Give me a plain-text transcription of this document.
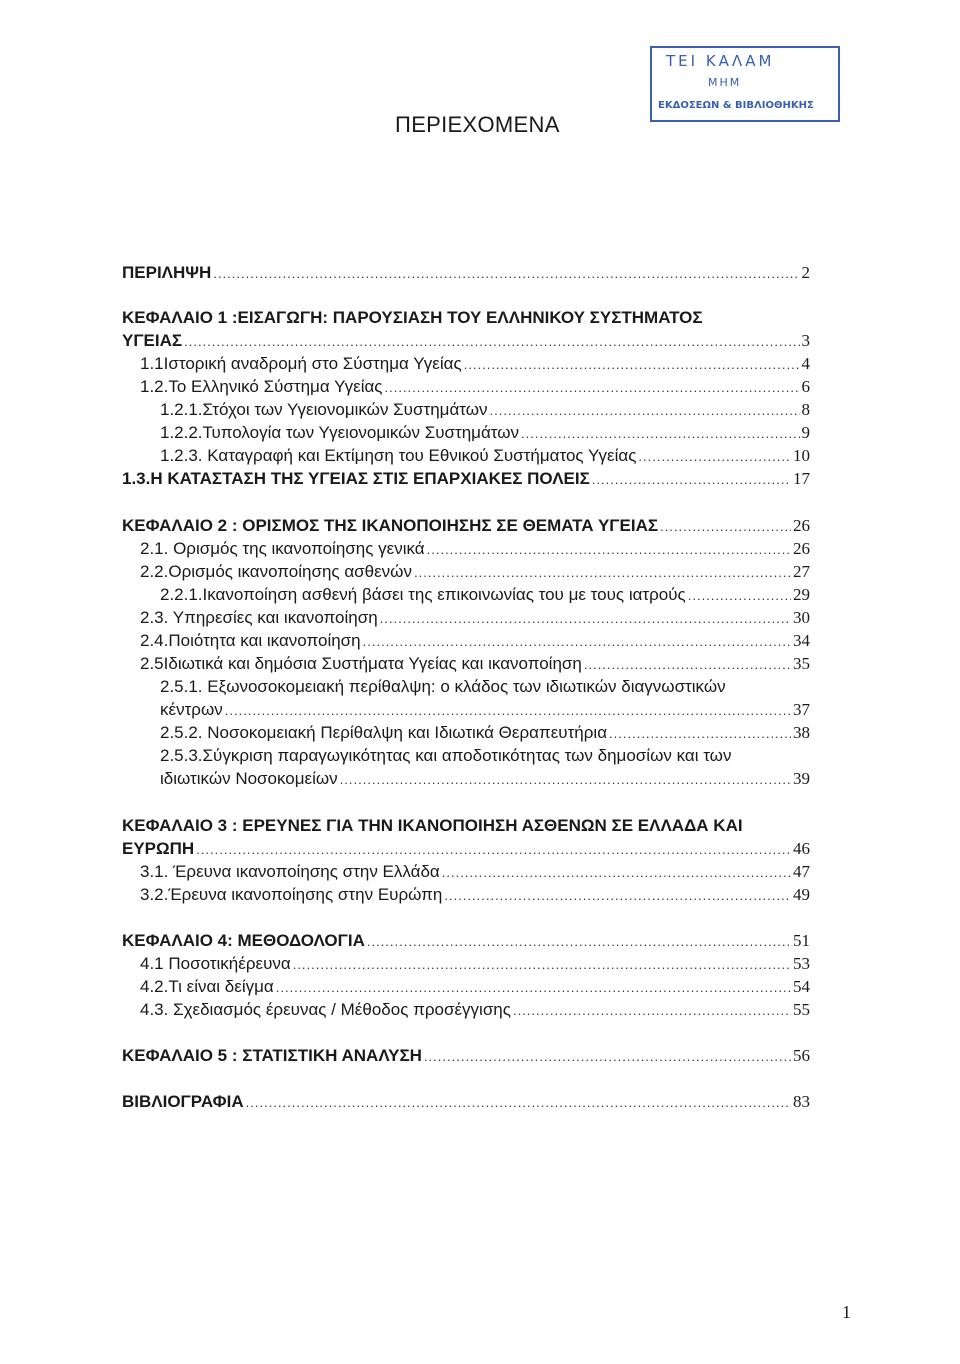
ΤΕΙ ΚΑΛΑΜ
ΜΗΜ
ΕΚΔΟΣΕΩΝ & ΒΙΒΛΙΟΘΗΚΗΣ
ΠΕΡΙΕΧΟΜΕΝΑ
ΠΕΡΙΛΗΨΗ .....	2
ΚΕΦΑΛΑΙΟ 1 :ΕΙΣΑΓΩΓΗ: ΠΑΡΟΥΣΙΑΣΗ ΤΟΥ ΕΛΛΗΝΙΚΟΥ ΣΥΣΤΗΜΑΤΟΣ
ΥΓΕΙΑΣ .....	3
1.1Ιστορική αναδρομή στο Σύστημα Υγείας .....	4
1.2.Το Ελληνικό Σύστημα Υγείας .....	6
1.2.1.Στόχοι των Υγειονομικών Συστημάτων .....	8
1.2.2.Τυπολογία των Υγειονομικών Συστημάτων .....	9
1.2.3. Καταγραφή και Εκτίμηση του Εθνικού Συστήματος Υγείας .....	10
1.3.Η ΚΑΤΑΣΤΑΣΗ ΤΗΣ ΥΓΕΙΑΣ ΣΤΙΣ ΕΠΑΡΧΙΑΚΕΣ ΠΟΛΕΙΣ .....	17
ΚΕΦΑΛΑΙΟ 2 : ΟΡΙΣΜΟΣ ΤΗΣ ΙΚΑΝΟΠΟΙΗΣΗΣ ΣΕ ΘΕΜΑΤΑ ΥΓΕΙΑΣ .....	26
2.1. Ορισμός της ικανοποίησης γενικά .....	26
2.2.Ορισμός ικανοποίησης ασθενών .....	27
2.2.1.Ικανοποίηση ασθενή βάσει της επικοινωνίας του με τους ιατρούς .....	29
2.3. Υπηρεσίες και ικανοποίηση .....	30
2.4.Ποιότητα και ικανοποίηση .....	34
2.5Ιδιωτικά και δημόσια Συστήματα Υγείας και ικανοποίηση .....	35
2.5.1. Εξωνοσοκομειακή περίθαλψη: ο κλάδος των ιδιωτικών διαγνωστικών
κέντρων .....	37
2.5.2. Νοσοκομειακή Περίθαλψη και Ιδιωτικά Θεραπευτήρια .....	38
2.5.3.Σύγκριση παραγωγικότητας και αποδοτικότητας των δημοσίων και των
ιδιωτικών Νοσοκομείων .....	39
ΚΕΦΑΛΑΙΟ 3 : ΕΡΕΥΝΕΣ ΓΙΑ ΤΗΝ ΙΚΑΝΟΠΟΙΗΣΗ ΑΣΘΕΝΩΝ ΣΕ ΕΛΛΑΔΑ ΚΑΙ
ΕΥΡΩΠΗ .....	46
3.1. Έρευνα ικανοποίησης στην Ελλάδα .....	47
3.2.Έρευνα ικανοποίησης στην Ευρώπη .....	49
ΚΕΦΑΛΑΙΟ 4: ΜΕΘΟΔΟΛΟΓΙΑ .....	51
4.1 Ποσοτικήέρευνα .....	53
4.2.Τι είναι δείγμα .....	54
4.3. Σχεδιασμός έρευνας / Μέθοδος προσέγγισης .....	55
ΚΕΦΑΛΑΙΟ 5 : ΣΤΑΤΙΣΤΙΚΗ ΑΝΑΛΥΣΗ .....	56
ΒΙΒΛΙΟΓΡΑΦΙΑ .....	83
1
